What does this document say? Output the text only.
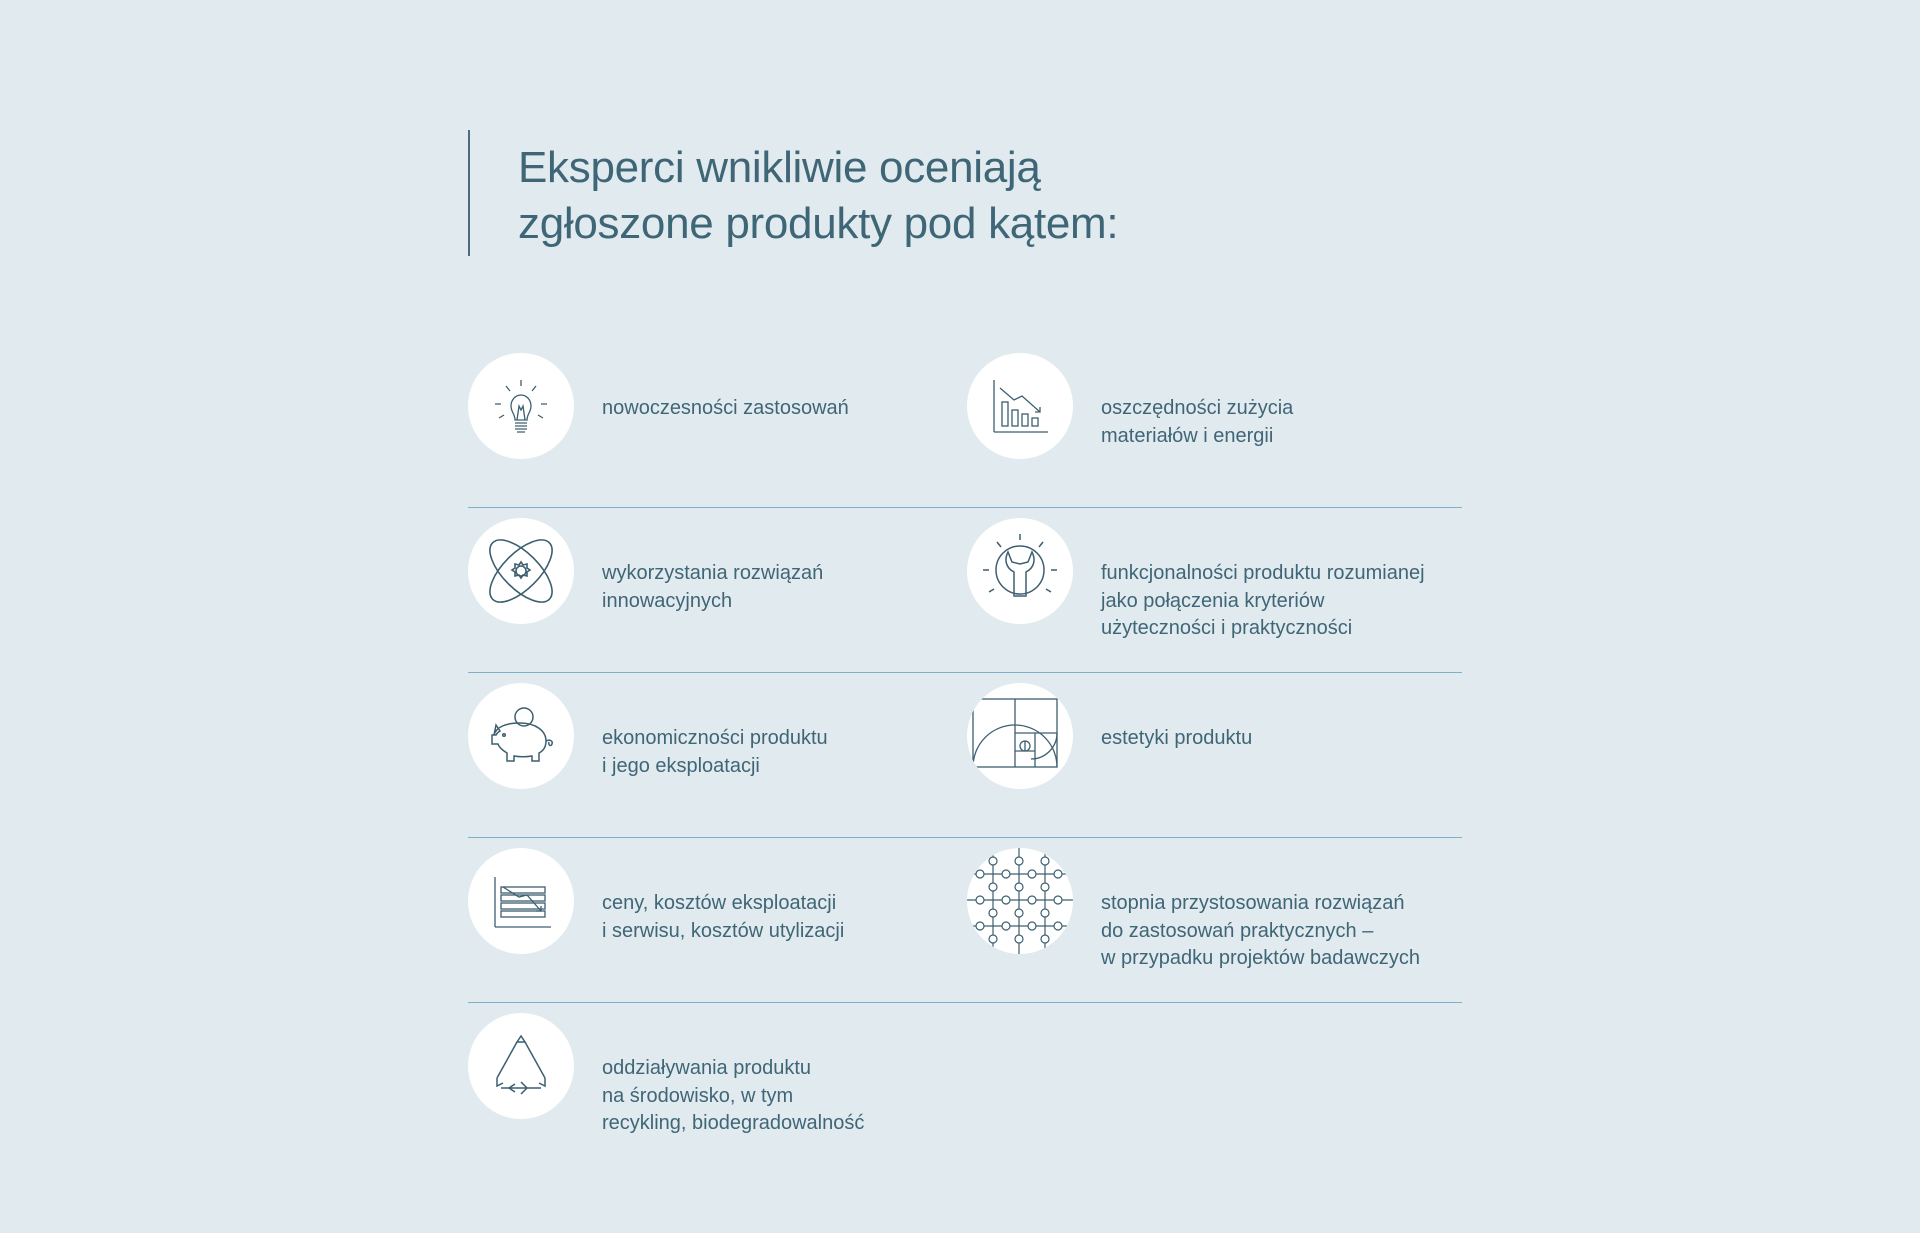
Eksperci wnikliwie oceniają
zgłoszone produkty pod kątem:
nowoczesności zastosowań	oszczędności zużycia
materiałów i energii
wykorzystania rozwiązań
innowacyjnych
funkcjonalności produktu rozumianej
jako połączenia kryteriów
użyteczności i praktyczności
ekonomiczności produktu
i jego eksploatacji
estetyki produktu
ceny, kosztów eksploatacji
i serwisu, kosztów utylizacji
stopnia przystosowania rozwiązań
do zastosowań praktycznych –
w przypadku projektów badawczych
oddziaływania produktu
na środowisko, w tym
recykling, biodegradowalność
